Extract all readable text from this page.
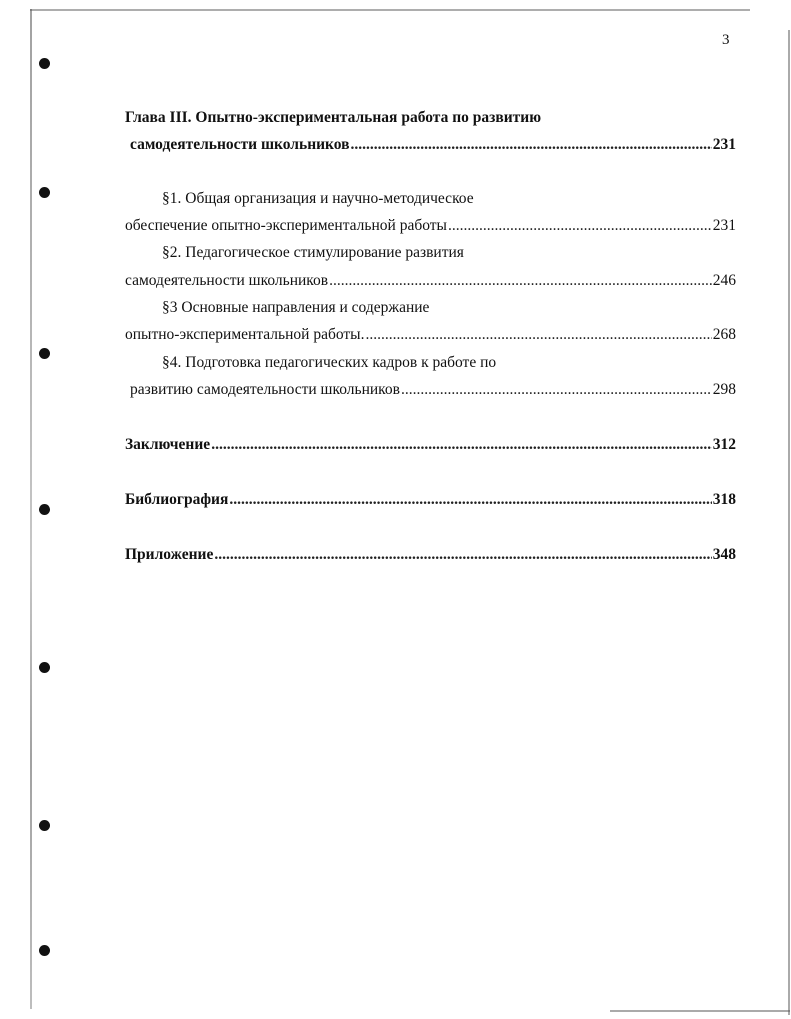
3
Глава III. Опытно-экспериментальная работа по развитию
самодеятельности школьников .....	231
§1. Общая организация и научно-методическое
обеспечение опытно-экспериментальной работы .....	231
§2. Педагогическое стимулирование развития
самодеятельности школьников .....	246
§3 Основные направления и содержание
опытно-экспериментальной работы. .....	268
§4. Подготовка педагогических кадров к работе по
развитию самодеятельности школьников .....	298
Заключение .....	312
Библиография .....	318
Приложение .....	348
